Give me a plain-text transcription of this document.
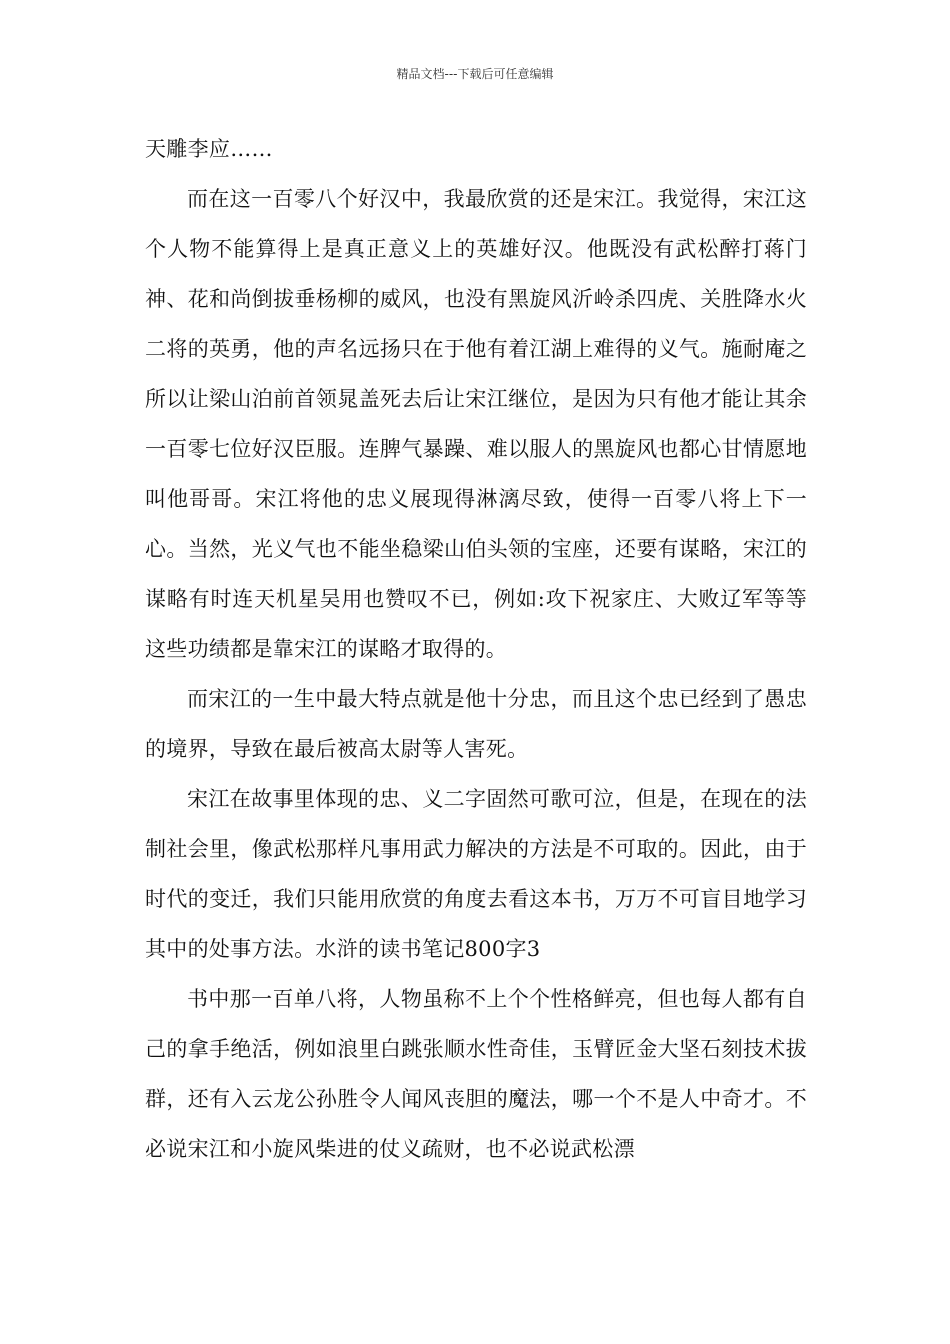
精品文档---下载后可任意编辑

天雕李应……

而在这一百零八个好汉中，我最欣赏的还是宋江。我觉得，宋江这个人物不能算得上是真正意义上的英雄好汉。他既没有武松醉打蒋门神、花和尚倒拔垂杨柳的威风，也没有黑旋风沂岭杀四虎、关胜降水火二将的英勇，他的声名远扬只在于他有着江湖上难得的义气。施耐庵之所以让梁山泊前首领晁盖死去后让宋江继位，是因为只有他才能让其余一百零七位好汉臣服。连脾气暴躁、难以服人的黑旋风也都心甘情愿地叫他哥哥。宋江将他的忠义展现得淋漓尽致，使得一百零八将上下一心。当然，光义气也不能坐稳梁山伯头领的宝座，还要有谋略，宋江的谋略有时连天机星吴用也赞叹不已，例如:攻下祝家庄、大败辽军等等这些功绩都是靠宋江的谋略才取得的。

而宋江的一生中最大特点就是他十分忠，而且这个忠已经到了愚忠的境界，导致在最后被高太尉等人害死。

宋江在故事里体现的忠、义二字固然可歌可泣，但是，在现在的法制社会里，像武松那样凡事用武力解决的方法是不可取的。因此，由于时代的变迁，我们只能用欣赏的角度去看这本书，万万不可盲目地学习其中的处事方法。水浒的读书笔记800字3

书中那一百单八将，人物虽称不上个个性格鲜亮，但也每人都有自己的拿手绝活，例如浪里白跳张顺水性奇佳，玉臂匠金大坚石刻技术拔群，还有入云龙公孙胜令人闻风丧胆的魔法，哪一个不是人中奇才。不必说宋江和小旋风柴进的仗义疏财，也不必说武松漂
